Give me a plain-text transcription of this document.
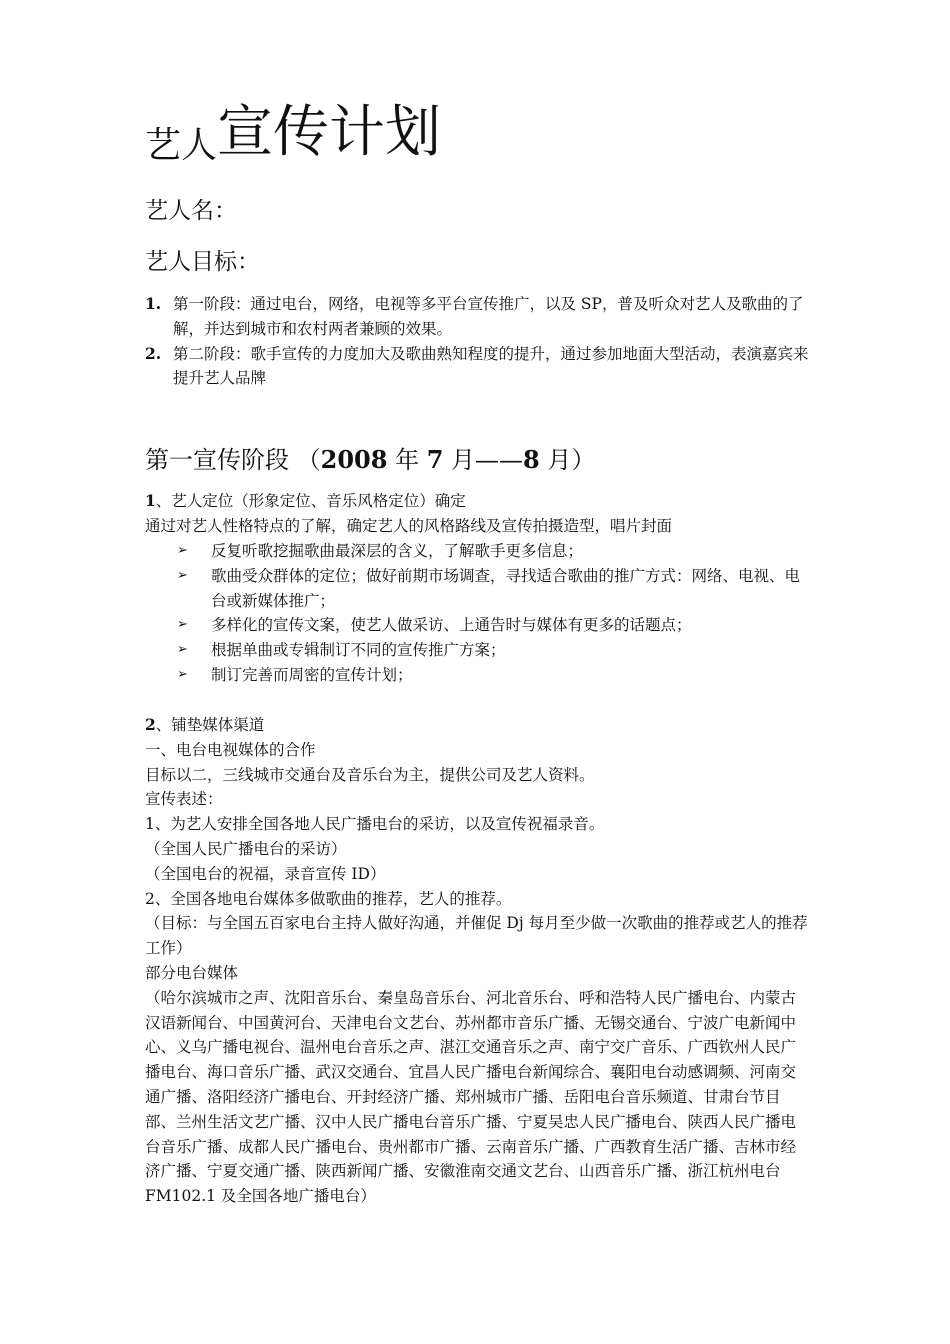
艺人宣传计划
艺人名：
艺人目标：
1. 第一阶段：通过电台，网络，电视等多平台宣传推广，以及 SP，普及听众对艺人及歌曲的了解，并达到城市和农村两者兼顾的效果。
2. 第二阶段：歌手宣传的力度加大及歌曲熟知程度的提升，通过参加地面大型活动，表演嘉宾来提升艺人品牌
第一宣传阶段 （2008 年 7 月——8 月）
1、艺人定位（形象定位、音乐风格定位）确定
通过对艺人性格特点的了解，确定艺人的风格路线及宣传拍摄造型，唱片封面
➢ 反复听歌挖掘歌曲最深层的含义，了解歌手更多信息；
➢ 歌曲受众群体的定位；做好前期市场调查，寻找适合歌曲的推广方式：网络、电视、电台或新媒体推广；
➢ 多样化的宣传文案，使艺人做采访、上通告时与媒体有更多的话题点；
➢ 根据单曲或专辑制订不同的宣传推广方案；
➢ 制订完善而周密的宣传计划；
2、铺垫媒体渠道
一、电台电视媒体的合作
目标以二，三线城市交通台及音乐台为主，提供公司及艺人资料。
宣传表述：
1、为艺人安排全国各地人民广播电台的采访，以及宣传祝福录音。
（全国人民广播电台的采访）
（全国电台的祝福，录音宣传 ID）
2、全国各地电台媒体多做歌曲的推荐，艺人的推荐。
（目标：与全国五百家电台主持人做好沟通，并催促 Dj 每月至少做一次歌曲的推荐或艺人的推荐工作）
部分电台媒体
（哈尔滨城市之声、沈阳音乐台、秦皇岛音乐台、河北音乐台、呼和浩特人民广播电台、内蒙古汉语新闻台、中国黄河台、天津电台文艺台、苏州都市音乐广播、无锡交通台、宁波广电新闻中心、义乌广播电视台、温州电台音乐之声、湛江交通音乐之声、南宁交广音乐、广西钦州人民广播电台、海口音乐广播、武汉交通台、宜昌人民广播电台新闻综合、襄阳电台动感调频、河南交通广播、洛阳经济广播电台、开封经济广播、郑州城市广播、岳阳电台音乐频道、甘肃台节目部、兰州生活文艺广播、汉中人民广播电台音乐广播、宁夏吴忠人民广播电台、陕西人民广播电台音乐广播、成都人民广播电台、贵州都市广播、云南音乐广播、广西教育生活广播、吉林市经济广播、宁夏交通广播、陕西新闻广播、安徽淮南交通文艺台、山西音乐广播、浙江杭州电台 FM102.1 及全国各地广播电台）
